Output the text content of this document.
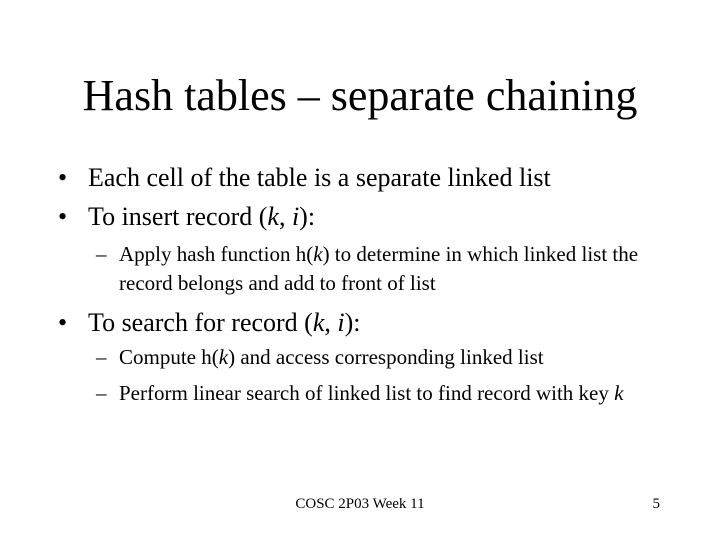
Hash tables – separate chaining
• Each cell of the table is a separate linked list
• To insert record (k, i):
– Apply hash function h(k) to determine in which linked list the record belongs and add to front of list
• To search for record (k, i):
– Compute h(k) and access corresponding linked list
– Perform linear search of linked list to find record with key k
COSC 2P03 Week 11	5
